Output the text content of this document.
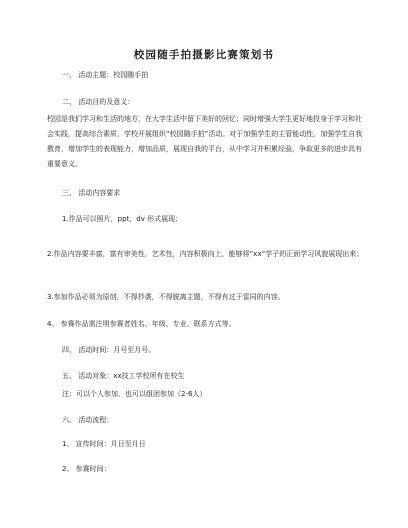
校园随手拍摄影比赛策划书
一、 活动主题：校园随手拍
二、 活动目的及意义：
校园是我们学习和生活的地方，在大学生活中留下美好的回忆；同时增强大学生更好地投身于学习和社会实践，提高综合素质，学校开展组织“校园随手拍”活动。对于加强学生的主管能动性，加强学生自我教育，增加学生的表现能力，增加品质，展现自我的平台，从中学习并积累经验，争取更多的进步具有重要意义。
三、 活动内容要求
1.作品可以照片，ppt，dv 形式展现；
2.作品内容要丰富，富有审美性，艺术性，内容积极向上，能够将“xx”学子的正面学习风貌展现出来；
3.参加作品必须为原创，不得抄袭，不得脱离主题，不得有过于雷同的内容。
4、 参赛作品需注明参赛者姓名、年级、专业、联系方式等。
四、 活动时间：月号至月号。
五、 活动对象：xx技工学校所有在校生
注：可以个人参加，也可以组团参加（2-6人）
六、 活动流程：
1、 宣传时间：月日至月日
2、 参赛时间：
